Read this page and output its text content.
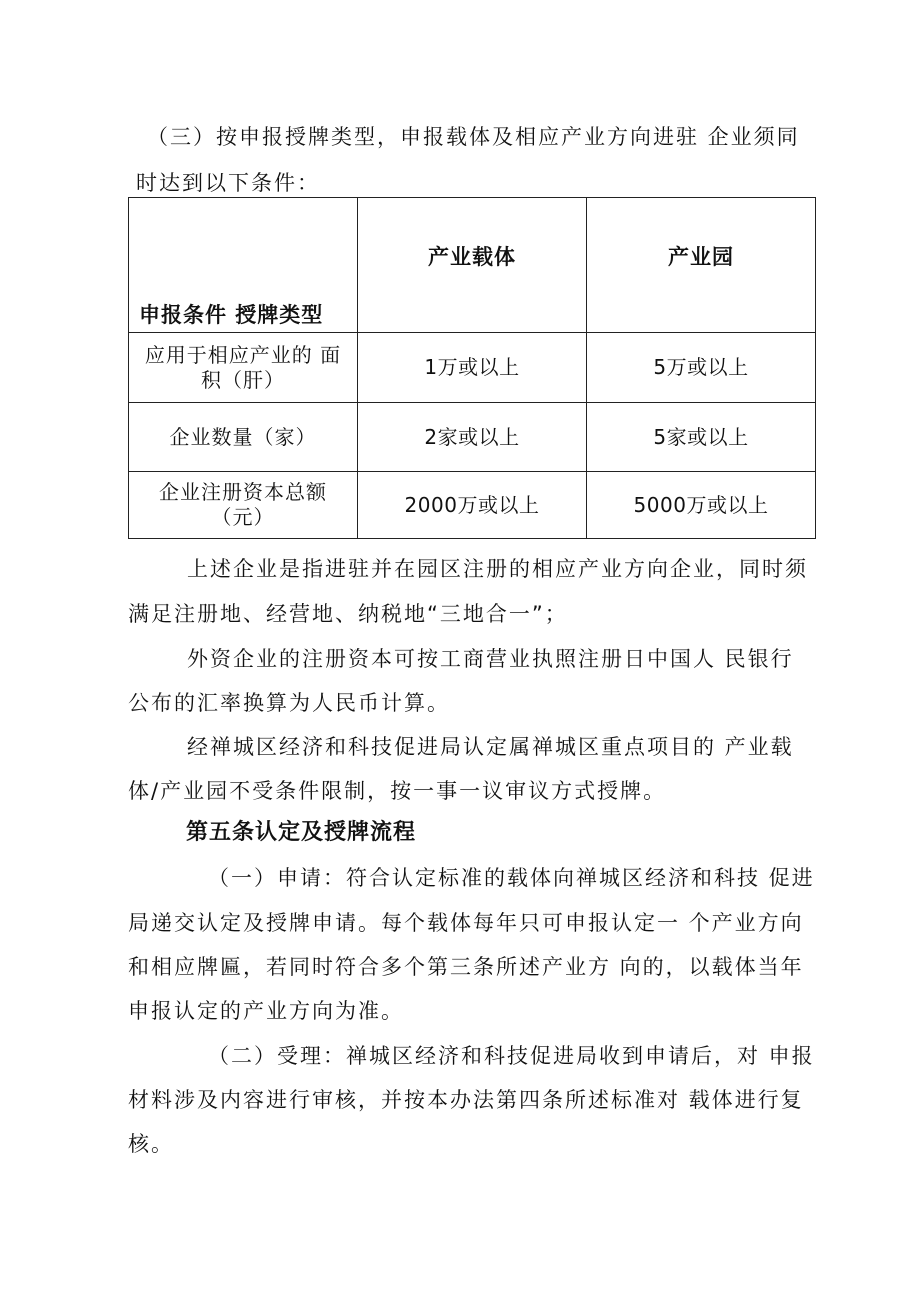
（三）按申报授牌类型，申报载体及相应产业方向进驻 企业须同
时达到以下条件：
申报条件 授牌类型	产业载体	产业园
应用于相应产业的 面
积（肝）	1万或以上	5万或以上
企业数量（家）	2家或以上	5家或以上
企业注册资本总额
（元）	2000万或以上	5000万或以上
上述企业是指进驻并在园区注册的相应产业方向企业，同时须
满足注册地、经营地、纳税地“三地合一”；
外资企业的注册资本可按工商营业执照注册日中国人 民银行
公布的汇率换算为人民币计算。
经禅城区经济和科技促进局认定属禅城区重点项目的 产业载
体/产业园不受条件限制，按一事一议审议方式授牌。
第五条认定及授牌流程
（一）申请：符合认定标准的载体向禅城区经济和科技 促进
局递交认定及授牌申请。每个载体每年只可申报认定一 个产业方向
和相应牌匾，若同时符合多个第三条所述产业方 向的，以载体当年
申报认定的产业方向为准。
（二）受理：禅城区经济和科技促进局收到申请后，对 申报
材料涉及内容进行审核，并按本办法第四条所述标准对 载体进行复
核。
